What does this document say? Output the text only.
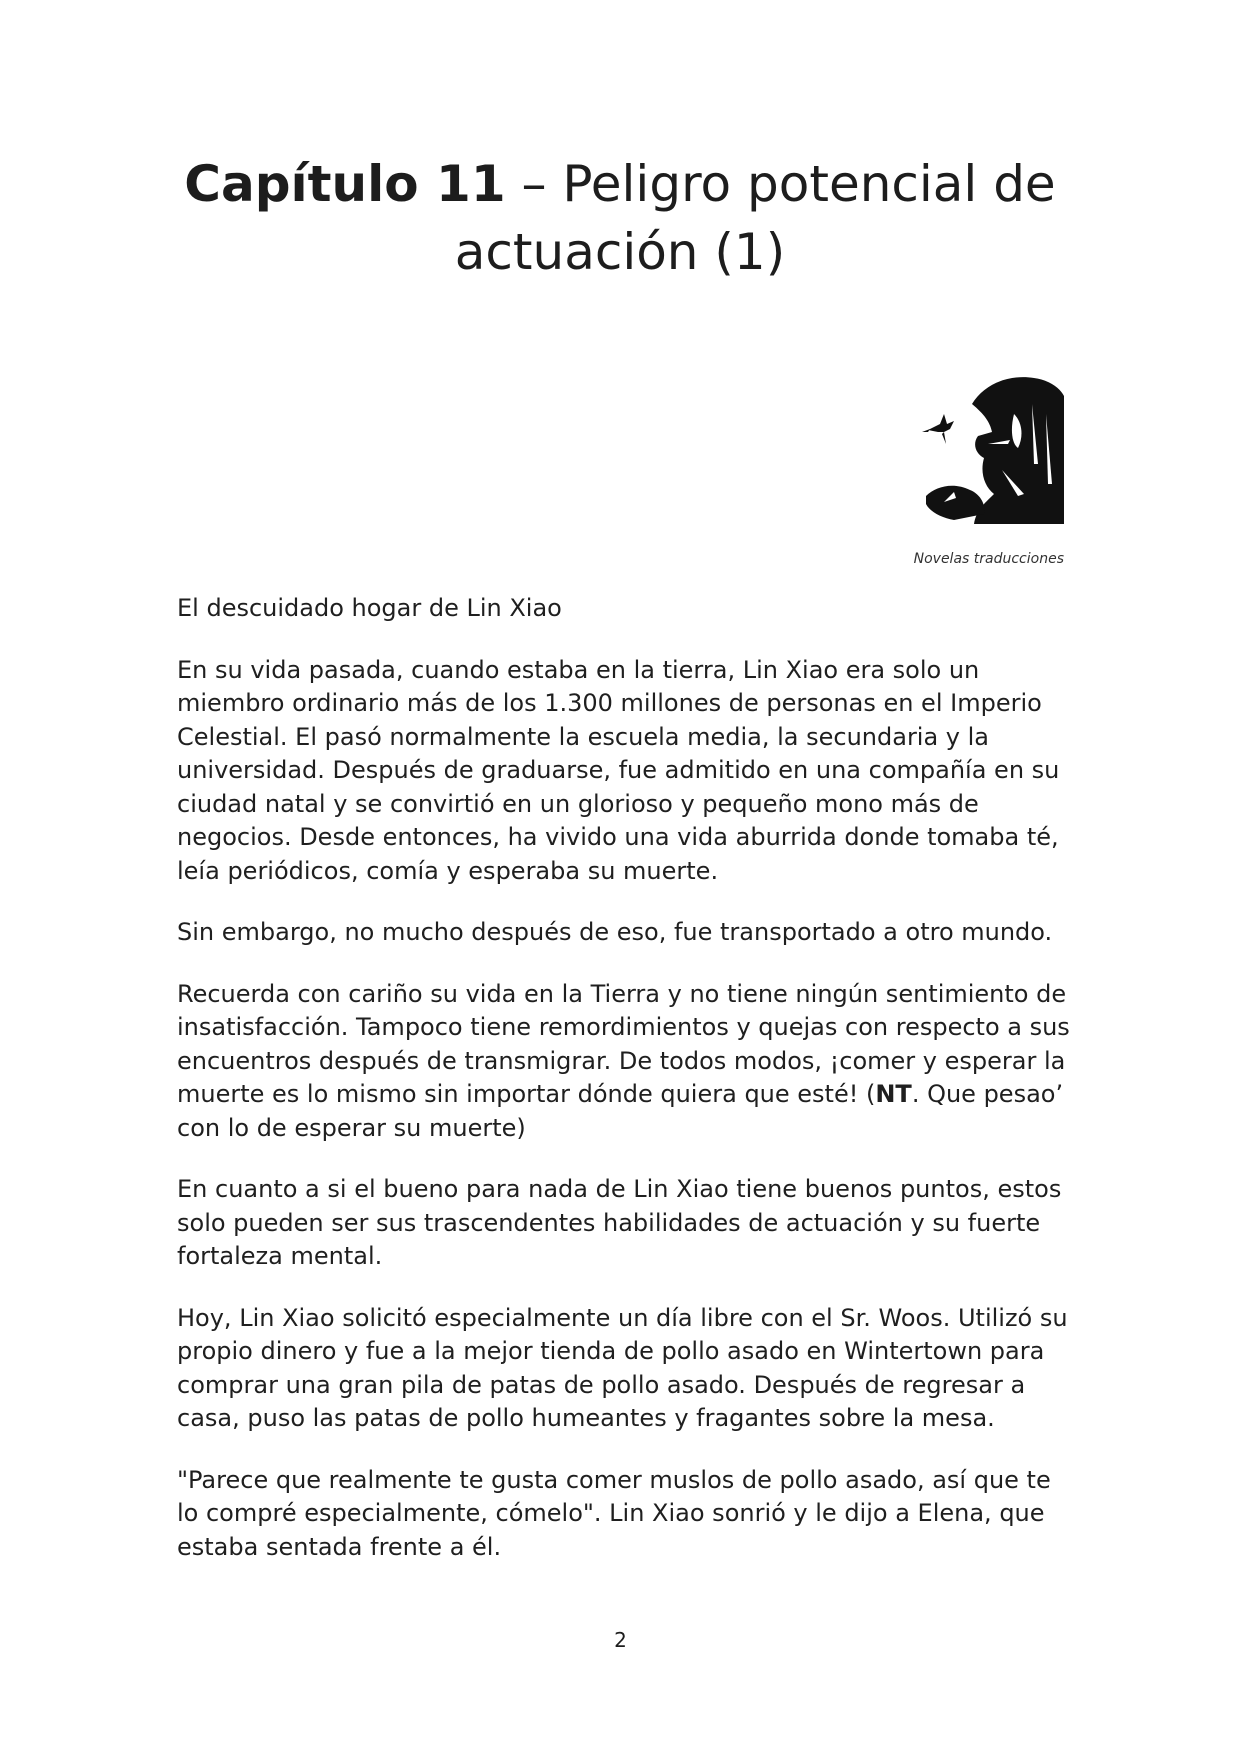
Capítulo 11 – Peligro potencial de
actuación (1)
Novelas traducciones

El descuidado hogar de Lin Xiao

En su vida pasada, cuando estaba en la tierra, Lin Xiao era solo un miembro ordinario más de los 1.300 millones de personas en el Imperio Celestial. El pasó normalmente la escuela media, la secundaria y la universidad. Después de graduarse, fue admitido en una compañía en su ciudad natal y se convirtió en un glorioso y pequeño mono más de negocios. Desde entonces, ha vivido una vida aburrida donde tomaba té, leía periódicos, comía y esperaba su muerte.

Sin embargo, no mucho después de eso, fue transportado a otro mundo.

Recuerda con cariño su vida en la Tierra y no tiene ningún sentimiento de insatisfacción. Tampoco tiene remordimientos y quejas con respecto a sus encuentros después de transmigrar. De todos modos, ¡comer y esperar la muerte es lo mismo sin importar dónde quiera que esté! (NT. Que pesao’ con lo de esperar su muerte)

En cuanto a si el bueno para nada de Lin Xiao tiene buenos puntos, estos solo pueden ser sus trascendentes habilidades de actuación y su fuerte fortaleza mental.

Hoy, Lin Xiao solicitó especialmente un día libre con el Sr. Woos. Utilizó su propio dinero y fue a la mejor tienda de pollo asado en Wintertown para comprar una gran pila de patas de pollo asado. Después de regresar a casa, puso las patas de pollo humeantes y fragantes sobre la mesa.

"Parece que realmente te gusta comer muslos de pollo asado, así que te lo compré especialmente, cómelo". Lin Xiao sonrió y le dijo a Elena, que estaba sentada frente a él.

2
